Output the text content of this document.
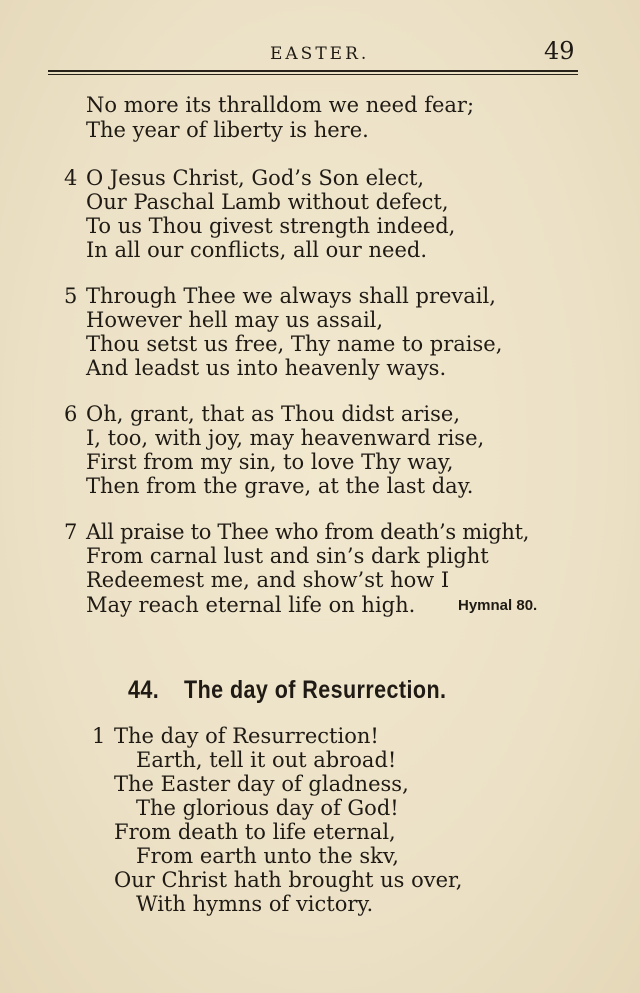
EASTER.	49
No more its thralldom we need fear;
The year of liberty is here.
4 O Jesus Christ, God’s Son elect,
Our Paschal Lamb without defect,
To us Thou givest strength indeed,
In all our conflicts, all our need.
5 Through Thee we always shall prevail,
However hell may us assail,
Thou setst us free, Thy name to praise,
And leadst us into heavenly ways.
6 Oh, grant, that as Thou didst arise,
I, too, with joy, may heavenward rise,
First from my sin, to love Thy way,
Then from the grave, at the last day.
7 All praise to Thee who from death’s might,
From carnal lust and sin’s dark plight
Redeemest me, and show’st how I
May reach eternal life on high.	Hymnal 80.
44. The day of Resurrection.
1 The day of Resurrection!
Earth, tell it out abroad!
The Easter day of gladness,
The glorious day of God!
From death to life eternal,
From earth unto the skv,
Our Christ hath brought us over,
With hymns of victory.
